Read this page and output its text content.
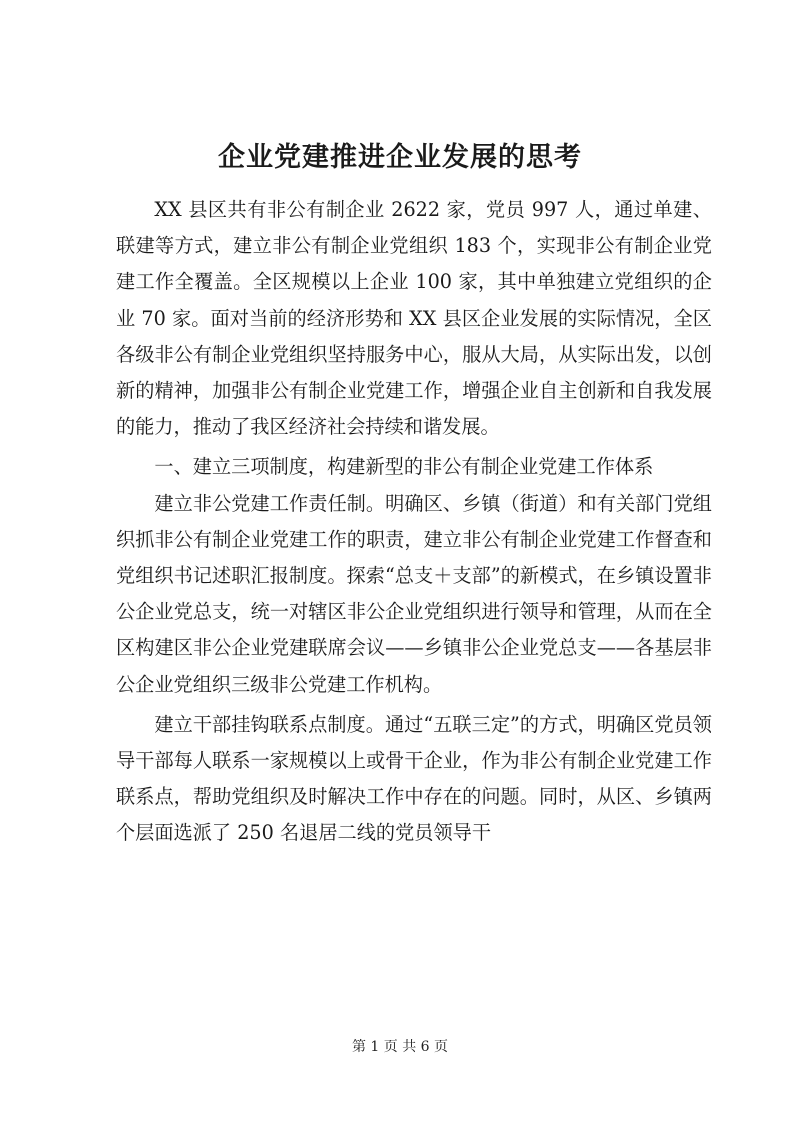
企业党建推进企业发展的思考

XX 县区共有非公有制企业 2622 家，党员 997 人，通过单建、联建等方式，建立非公有制企业党组织 183 个，实现非公有制企业党建工作全覆盖。全区规模以上企业 100 家，其中单独建立党组织的企业 70 家。面对当前的经济形势和 XX 县区企业发展的实际情况，全区各级非公有制企业党组织坚持服务中心，服从大局，从实际出发，以创新的精神，加强非公有制企业党建工作，增强企业自主创新和自我发展的能力，推动了我区经济社会持续和谐发展。

一、建立三项制度，构建新型的非公有制企业党建工作体系

建立非公党建工作责任制。明确区、乡镇（街道）和有关部门党组织抓非公有制企业党建工作的职责，建立非公有制企业党建工作督查和党组织书记述职汇报制度。探索“总支＋支部”的新模式，在乡镇设置非公企业党总支，统一对辖区非公企业党组织进行领导和管理，从而在全区构建区非公企业党建联席会议——乡镇非公企业党总支——各基层非公企业党组织三级非公党建工作机构。

建立干部挂钩联系点制度。通过“五联三定”的方式，明确区党员领导干部每人联系一家规模以上或骨干企业，作为非公有制企业党建工作联系点，帮助党组织及时解决工作中存在的问题。同时，从区、乡镇两个层面选派了 250 名退居二线的党员领导干

第 1 页 共 6 页
